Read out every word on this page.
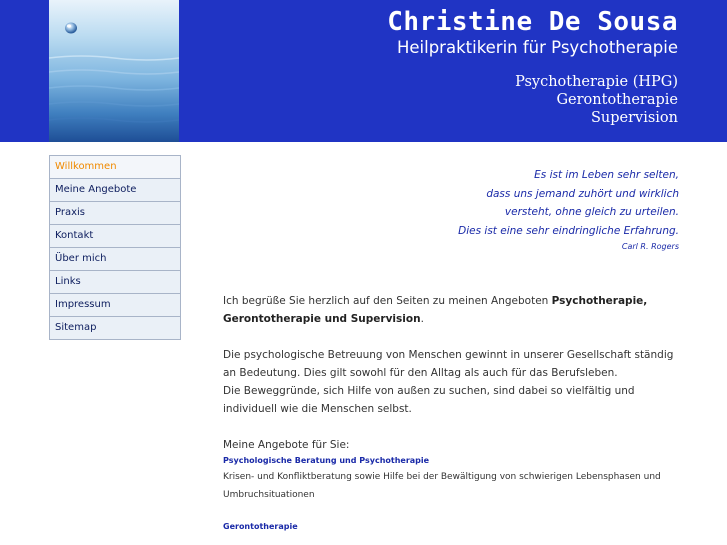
Christine De Sousa
Heilpraktikerin für Psychotherapie
Psychotherapie (HPG)
Gerontotherapie
Supervision
Willkommen
Meine Angebote
Praxis
Kontakt
Über mich
Links
Impressum
Sitemap
Es ist im Leben sehr selten,
dass uns jemand zuhört und wirklich
versteht, ohne gleich zu urteilen.
Dies ist eine sehr eindringliche Erfahrung.
Carl R. Rogers

Ich begrüße Sie herzlich auf den Seiten zu meinen Angeboten Psychotherapie, Gerontotherapie und Supervision.

Die psychologische Betreuung von Menschen gewinnt in unserer Gesellschaft ständig an Bedeutung. Dies gilt sowohl für den Alltag als auch für das Berufsleben.

Die Beweggründe, sich Hilfe von außen zu suchen, sind dabei so vielfältig und individuell wie die Menschen selbst.

Meine Angebote für Sie:

Psychologische Beratung und Psychotherapie
Krisen- und Konfliktberatung sowie Hilfe bei der Bewältigung von schwierigen Lebensphasen und Umbruchsituationen
Gerontotherapie
